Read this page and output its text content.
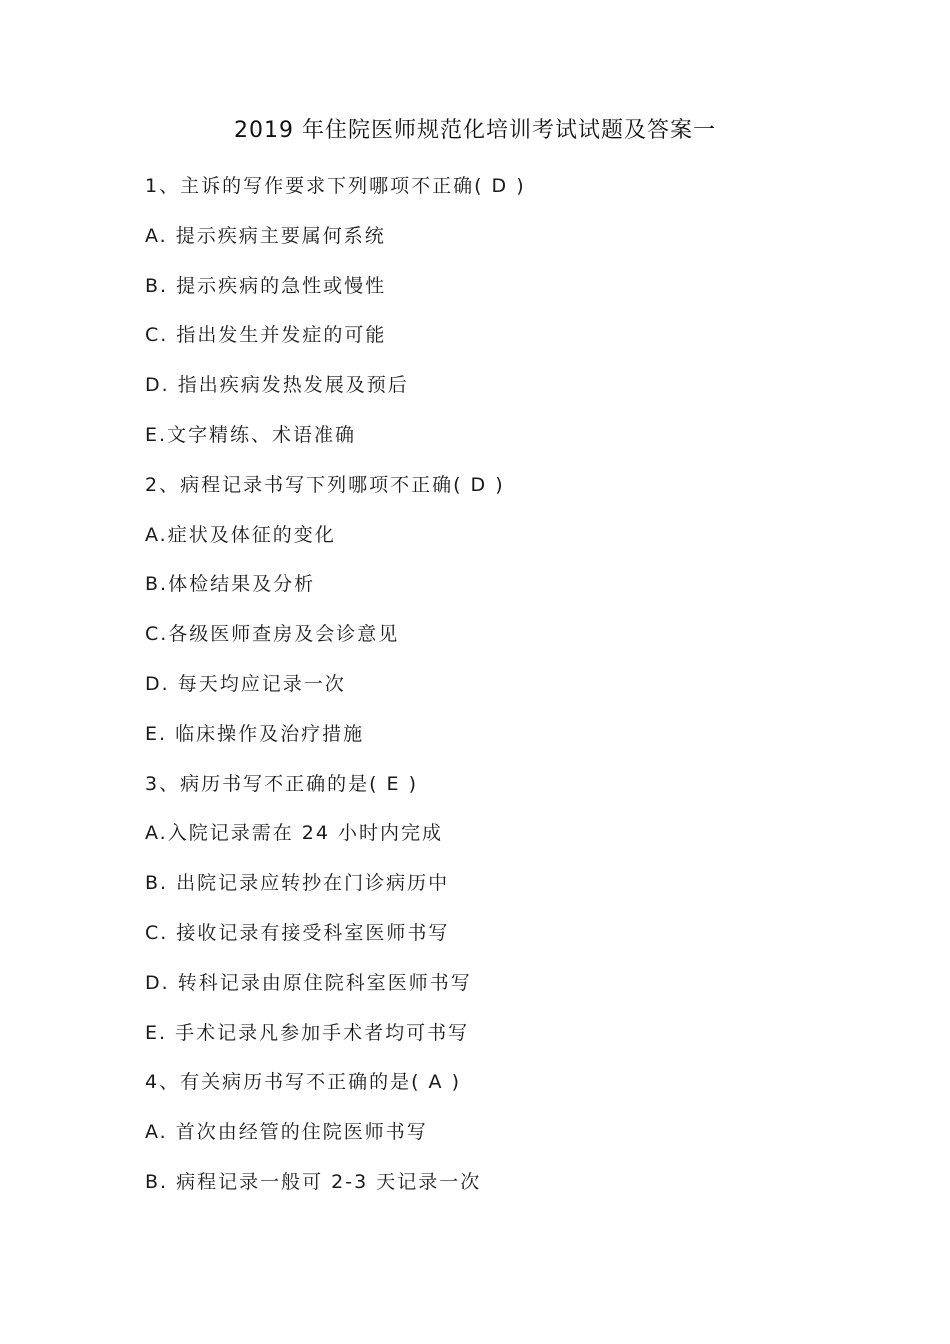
2019 年住院医师规范化培训考试试题及答案一
1、主诉的写作要求下列哪项不正确( D )
A. 提示疾病主要属何系统
B. 提示疾病的急性或慢性
C. 指出发生并发症的可能
D. 指出疾病发热发展及预后
E.文字精练、术语准确
2、病程记录书写下列哪项不正确( D )
A.症状及体征的变化
B.体检结果及分析
C.各级医师查房及会诊意见
D. 每天均应记录一次
E. 临床操作及治疗措施
3、病历书写不正确的是( E )
A.入院记录需在 24 小时内完成
B. 出院记录应转抄在门诊病历中
C. 接收记录有接受科室医师书写
D. 转科记录由原住院科室医师书写
E. 手术记录凡参加手术者均可书写
4、有关病历书写不正确的是( A )
A. 首次由经管的住院医师书写
B. 病程记录一般可 2-3 天记录一次
